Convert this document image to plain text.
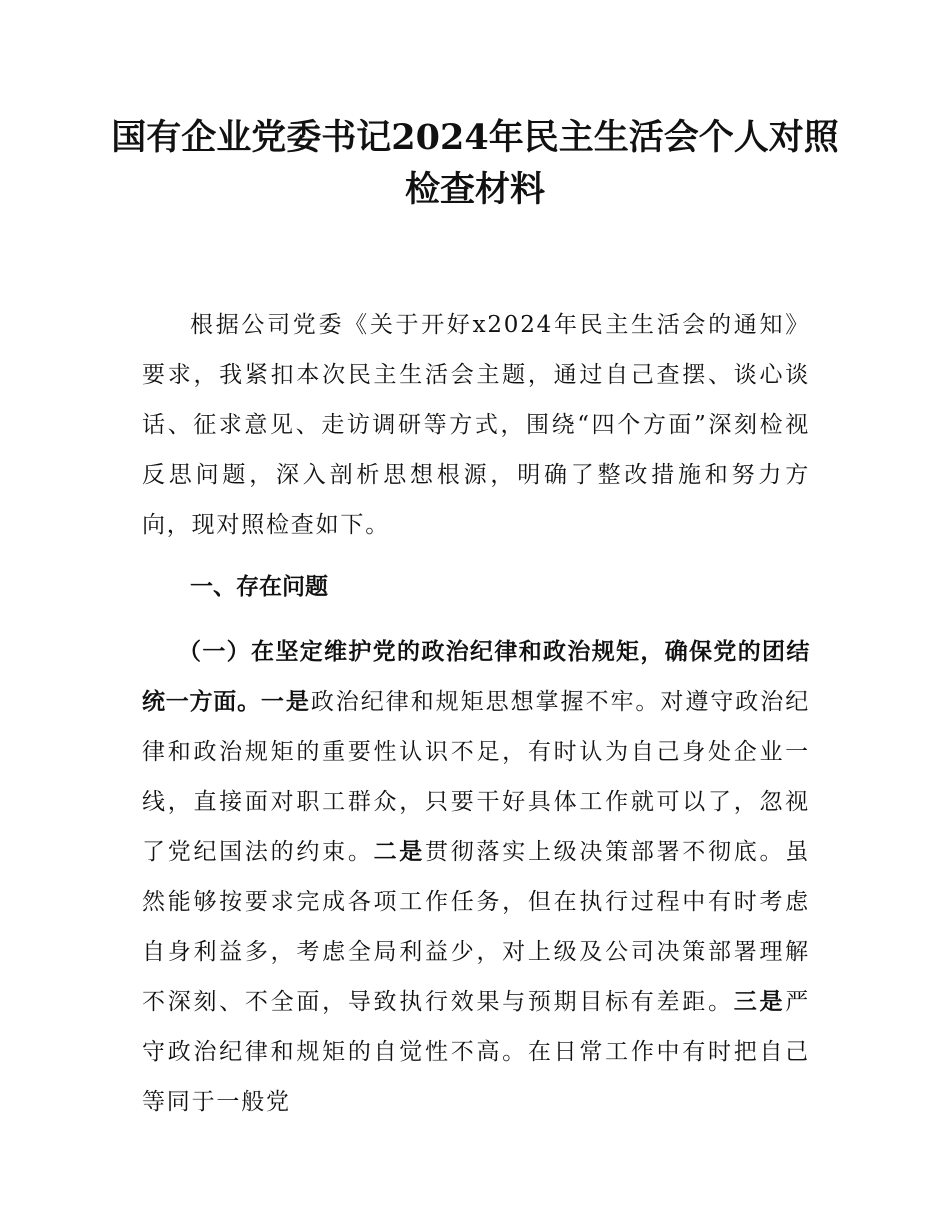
国有企业党委书记2024年民主生活会个人对照检查材料

根据公司党委《关于开好x2024年民主生活会的通知》要求，我紧扣本次民主生活会主题，通过自己查摆、谈心谈话、征求意见、走访调研等方式，围绕“四个方面”深刻检视反思问题，深入剖析思想根源，明确了整改措施和努力方向，现对照检查如下。

一、存在问题

（一）在坚定维护党的政治纪律和政治规矩，确保党的团结统一方面。一是政治纪律和规矩思想掌握不牢。对遵守政治纪律和政治规矩的重要性认识不足，有时认为自己身处企业一线，直接面对职工群众，只要干好具体工作就可以了，忽视了党纪国法的约束。二是贯彻落实上级决策部署不彻底。虽然能够按要求完成各项工作任务，但在执行过程中有时考虑自身利益多，考虑全局利益少，对上级及公司决策部署理解不深刻、不全面，导致执行效果与预期目标有差距。三是严守政治纪律和规矩的自觉性不高。在日常工作中有时把自己等同于一般党
